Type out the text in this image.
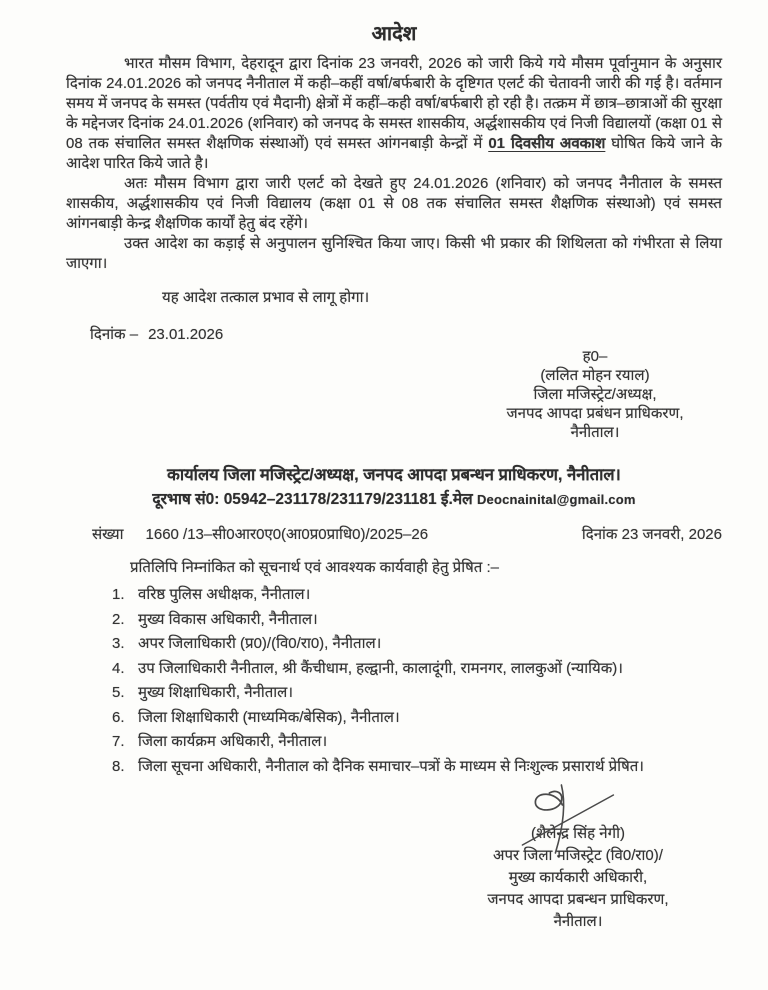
आदेश

भारत मौसम विभाग, देहरादून द्वारा दिनांक 23 जनवरी, 2026 को जारी किये गये मौसम पूर्वानुमान के अनुसार दिनांक 24.01.2026 को जनपद नैनीताल में कही–कहीं वर्षा/बर्फबारी के दृष्टिगत एलर्ट की चेतावनी जारी की गई है। वर्तमान समय में जनपद के समस्त (पर्वतीय एवं मैदानी) क्षेत्रों में कहीं–कही वर्षा/बर्फबारी हो रही है। तत्क्रम में छात्र–छात्राओं की सुरक्षा के मद्देनजर दिनांक 24.01.2026 (शनिवार) को जनपद के समस्त शासकीय, अर्द्धशासकीय एवं निजी विद्यालयों (कक्षा 01 से 08 तक संचालित समस्त शैक्षणिक संस्थाओं) एवं समस्त आंगनबाड़ी केन्द्रों में 01 दिवसीय अवकाश घोषित किये जाने के आदेश पारित किये जाते है।

अतः मौसम विभाग द्वारा जारी एलर्ट को देखते हुए 24.01.2026 (शनिवार) को जनपद नैनीताल के समस्त शासकीय, अर्द्धशासकीय एवं निजी विद्यालय (कक्षा 01 से 08 तक संचालित समस्त शैक्षणिक संस्थाओ) एवं समस्त आंगनबाड़ी केन्द्र शैक्षणिक कार्यों हेतु बंद रहेंगे।

उक्त आदेश का कड़ाई से अनुपालन सुनिश्चित किया जाए। किसी भी प्रकार की शिथिलता को गंभीरता से लिया जाएगा।

यह आदेश तत्काल प्रभाव से लागू होगा।

दिनांक – 23.01.2026

ह0–
(ललित मोहन रयाल)
जिला मजिस्ट्रेट/अध्यक्ष,
जनपद आपदा प्रबंधन प्राधिकरण,
नैनीताल।
कार्यालय जिला मजिस्ट्रेट/अध्यक्ष, जनपद आपदा प्रबन्धन प्राधिकरण, नैनीताल।
दूरभाष सं0: 05942–231178/231179/231181 ई.मेल Deocnainital@gmail.com
संख्या 1660 /13–सी0आर0ए0(आ0प्र0प्राधि0)/2025–26	दिनांक 23 जनवरी, 2026

प्रतिलिपि निम्नांकित को सूचनार्थ एवं आवश्यक कार्यवाही हेतु प्रेषित :–

वरिष्ठ पुलिस अधीक्षक, नैनीताल।
मुख्य विकास अधिकारी, नैनीताल।
अपर जिलाधिकारी (प्र0)/(वि0/रा0), नैनीताल।
उप जिलाधिकारी नैनीताल, श्री कैंचीधाम, हल्द्वानी, कालादूंगी, रामनगर, लालकुओं (न्यायिक)।
मुख्य शिक्षाधिकारी, नैनीताल।
जिला शिक्षाधिकारी (माध्यमिक/बेसिक), नैनीताल।
जिला कार्यक्रम अधिकारी, नैनीताल।
जिला सूचना अधिकारी, नैनीताल को दैनिक समाचार–पत्रों के माध्यम से निःशुल्क प्रसारार्थ प्रेषित।
(शैलेन्द्र सिंह नेगी)
अपर जिला मजिस्ट्रेट (वि0/रा0)/
मुख्य कार्यकारी अधिकारी,
जनपद आपदा प्रबन्धन प्राधिकरण,
नैनीताल।
